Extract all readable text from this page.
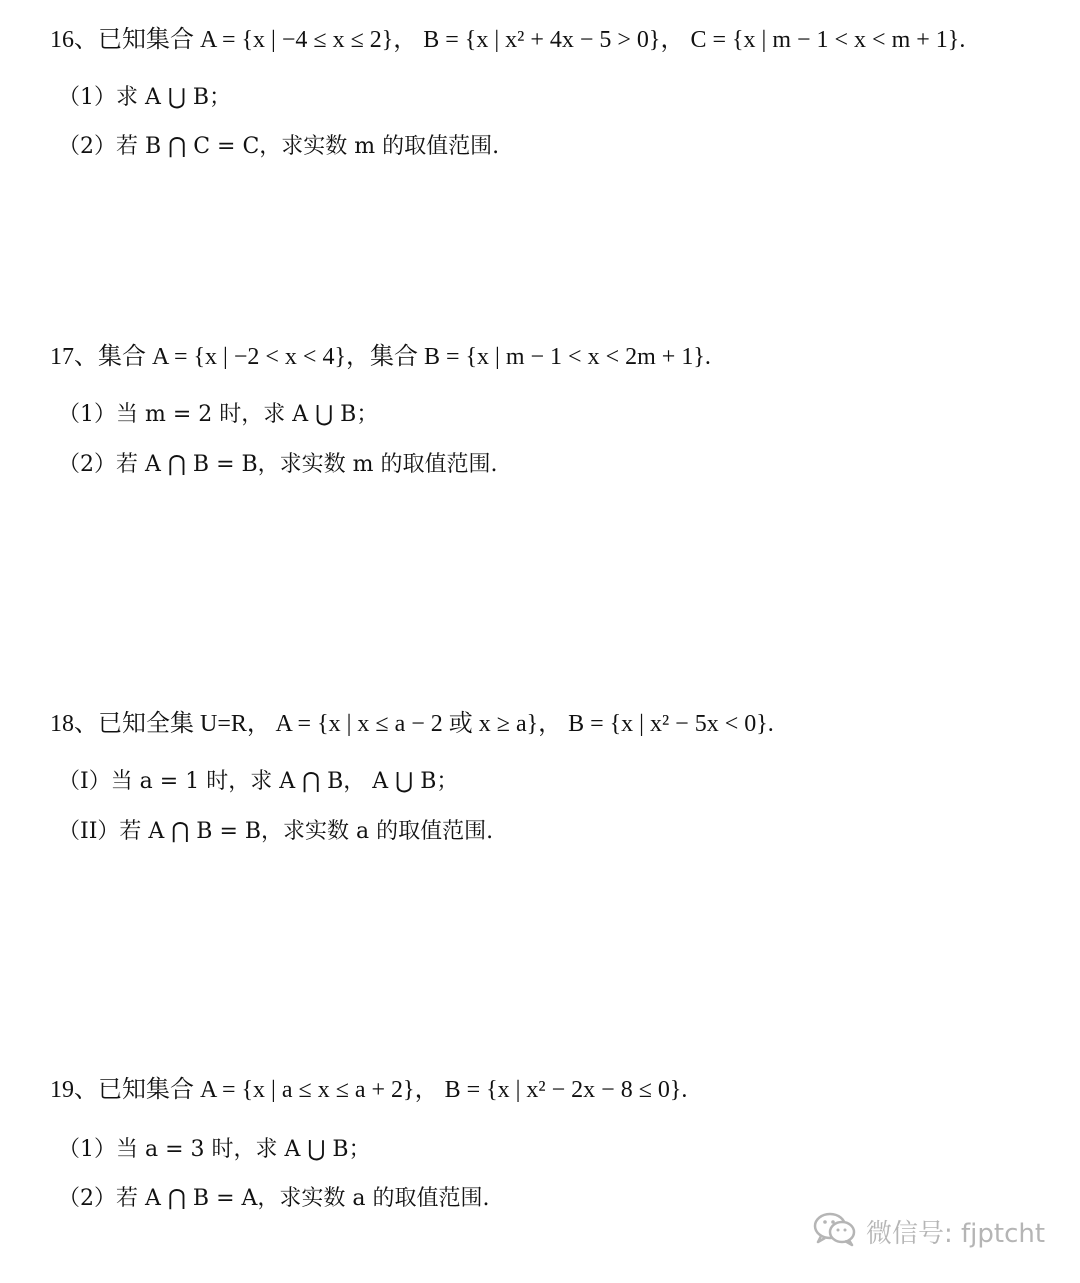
16、已知集合 A = {x | −4 ≤ x ≤ 2}， B = {x | x² + 4x − 5 > 0}， C = {x | m − 1 < x < m + 1}.
（1）求 A ⋃ B；
（2）若 B ⋂ C = C，求实数 m 的取值范围.
17、集合 A = {x | −2 < x < 4}，集合 B = {x | m − 1 < x < 2m + 1}.
（1）当 m = 2 时，求 A ⋃ B；
（2）若 A ⋂ B = B，求实数 m 的取值范围.
18、已知全集 U=R， A = {x | x ≤ a − 2 或 x ≥ a}， B = {x | x² − 5x < 0}.
（I）当 a = 1 时，求 A ⋂ B， A ⋃ B；
（II）若 A ⋂ B = B，求实数 a 的取值范围.
19、已知集合 A = {x | a ≤ x ≤ a + 2}， B = {x | x² − 2x − 8 ≤ 0}.
（1）当 a = 3 时，求 A ⋃ B；
（2）若 A ⋂ B = A，求实数 a 的取值范围.
微信号: fjptcht
